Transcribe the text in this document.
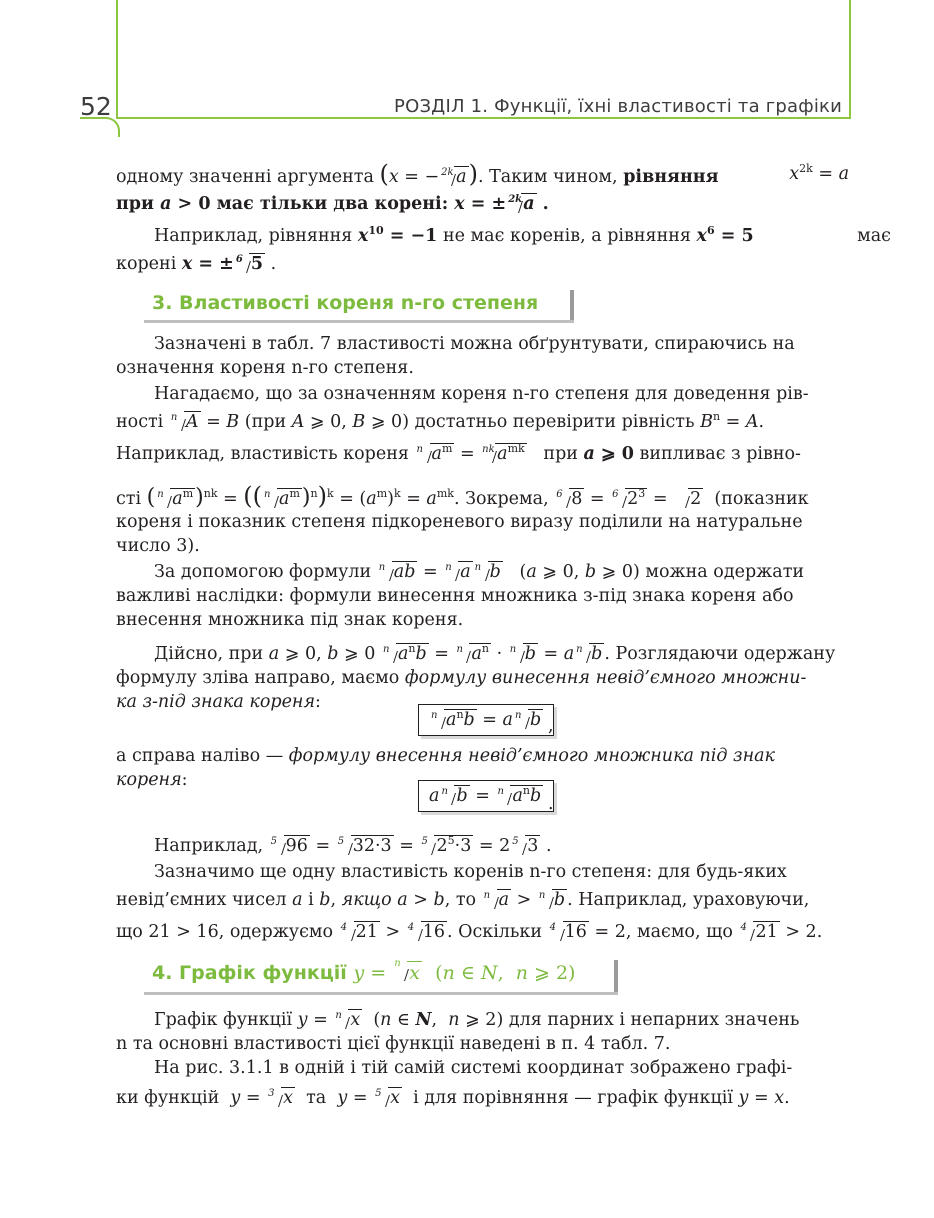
52	РОЗДІЛ 1. Функції, їхні властивості та графіки
одному значенні аргумента (x = − 2k a). Таким чином, рівняння	$x^{2k} = a$
при a > 0 має тільки два корені: x = ± 2k a .
Наприклад, рівняння $x^{10} = -1$ не має коренів, а рівняння $x^6 = 5$	має
корені x = ± 6 5 .
3. Властивості кореня n-го степеня
Зазначені в табл. 7 властивості можна обґрунтувати, спираючись на
означення кореня n-го степеня.
Нагадаємо, що за означенням кореня n-го степеня для доведення рів-
ності n A = B (при A ⩾ 0, B ⩾ 0) достатньо перевірити рівність $B^n = A$.
Наприклад, властивість кореня n $a^m$ = nk $a^{mk}$ при a ⩾ 0 випливає з рівно-
сті ( n $a^m)^{nk}$ = (( n $a^m)^n)^k = (a^m)^k = a^{mk}$. Зокрема, 6 8 = 6 $2^3 = 2$ (показник
кореня і показник степеня підкореневого виразу поділили на натуральне
число 3).
За допомогою формули n ab = n a n b   (a ⩾ 0, b ⩾ 0) можна одержати
важливі наслідки: формули винесення множника з-під знака кореня або
внесення множника під знак кореня.
Дійсно, при a ⩾ 0, b ⩾ 0 n $a^nb = n$ $a^n \cdot n$ b = a n b . Розглядаючи одержану
формулу зліва направо, маємо формулу винесення невід’ємного множни-
ка з-під знака кореня:
n $a^nb = a$ n b ,
а справа наліво — формулу внесення невід’ємного множника під знак
кореня:
a n b = n $a^nb$ .
Наприклад, 5 96 = 5 32·3 = 5 $2^5\cdot 3 = 2$ 5 3 .
Зазначимо ще одну властивість коренів n-го степеня: для будь-яких
невід’ємних чисел a і b, якщо a > b, то n a > n b . Наприклад, ураховуючи,
що 21 > 16, одержуємо 4 21 > 4 16 . Оскільки 4 16 = 2, маємо, що 4 21 > 2.
4. Графік функції y = n x (n ∈ N,  n ⩾ 2)
Графік функції y = n x  (n ∈ N,  n ⩾ 2) для парних і непарних значень
n та основні властивості цієї функції наведені в п. 4 табл. 7.
На рис. 3.1.1 в одній і тій самій системі координат зображено графі-
ки функцій y = 3 x та y = 5 x і для порівняння — графік функції y = x.
